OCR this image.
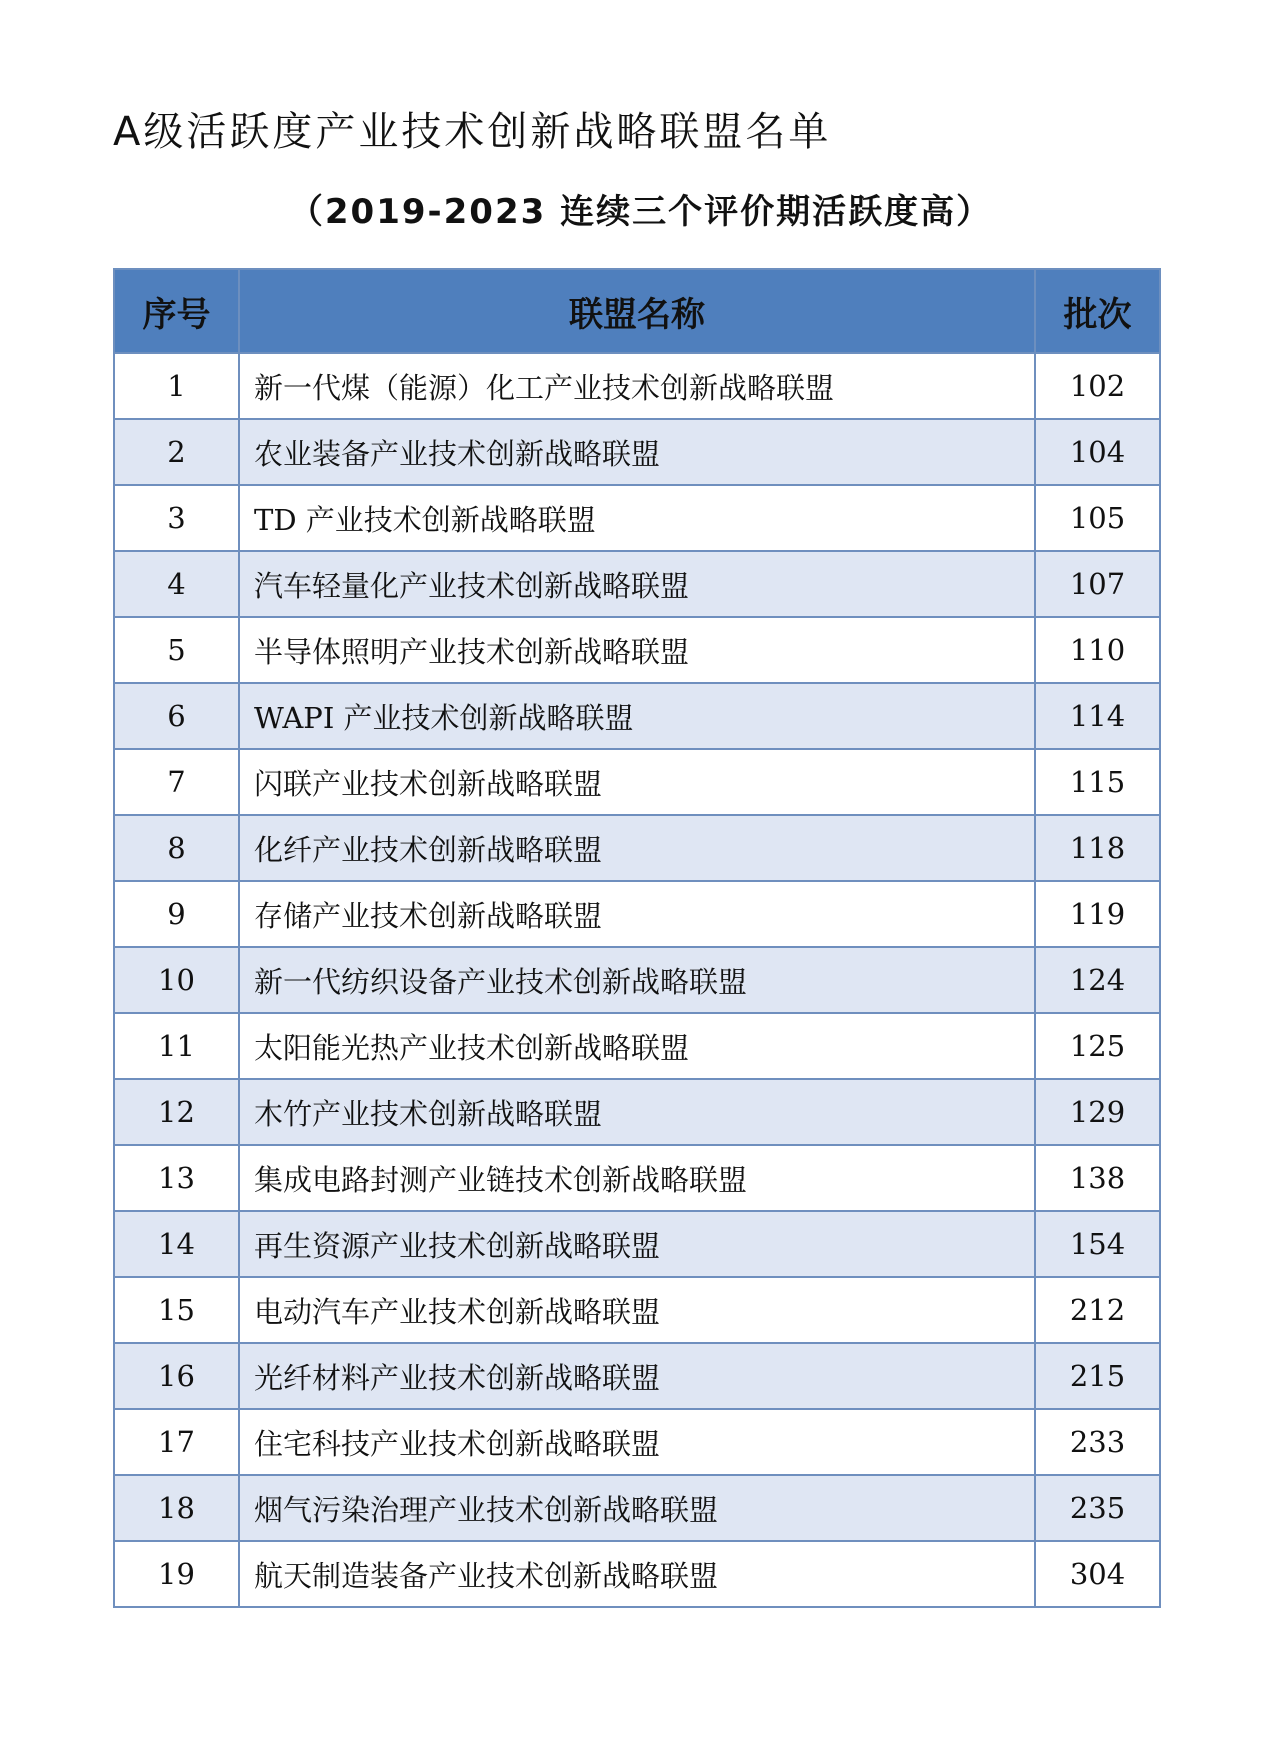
A级活跃度产业技术创新战略联盟名单
（2019-2023 连续三个评价期活跃度高）
序号	联盟名称	批次
1	新一代煤（能源）化工产业技术创新战略联盟	102
2	农业装备产业技术创新战略联盟	104
3	TD 产业技术创新战略联盟	105
4	汽车轻量化产业技术创新战略联盟	107
5	半导体照明产业技术创新战略联盟	110
6	WAPI 产业技术创新战略联盟	114
7	闪联产业技术创新战略联盟	115
8	化纤产业技术创新战略联盟	118
9	存储产业技术创新战略联盟	119
10	新一代纺织设备产业技术创新战略联盟	124
11	太阳能光热产业技术创新战略联盟	125
12	木竹产业技术创新战略联盟	129
13	集成电路封测产业链技术创新战略联盟	138
14	再生资源产业技术创新战略联盟	154
15	电动汽车产业技术创新战略联盟	212
16	光纤材料产业技术创新战略联盟	215
17	住宅科技产业技术创新战略联盟	233
18	烟气污染治理产业技术创新战略联盟	235
19	航天制造装备产业技术创新战略联盟	304
